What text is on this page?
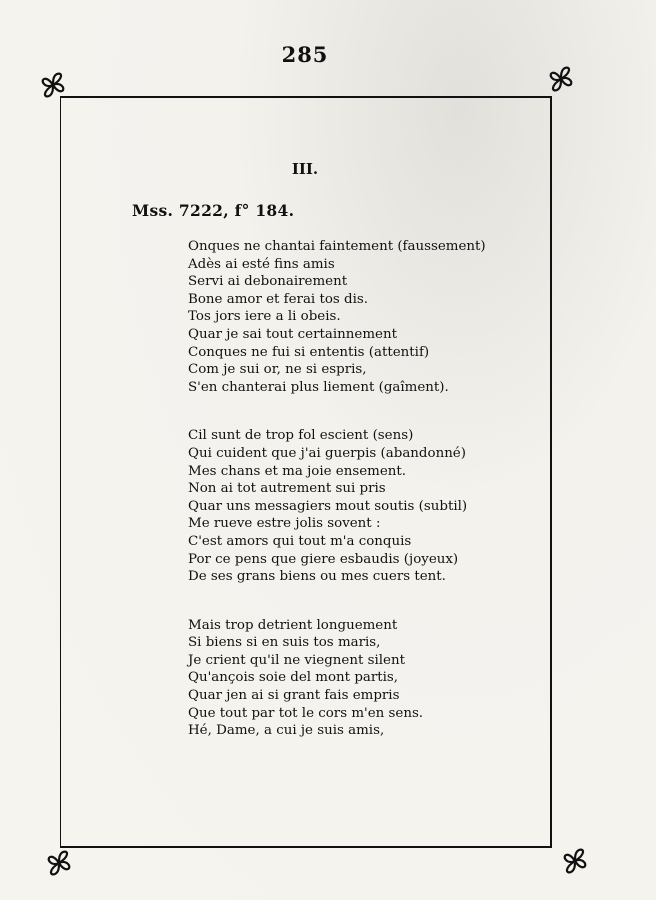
285
III.
Mss. 7222, f° 184.
Onques ne chantai faintement (faussement)
Adès ai esté fins amis
Servi ai debonairement
Bone amor et ferai tos dis.
Tos jors iere a li obeis.
Quar je sai tout certainnement
Conques ne fui si ententis (attentif)
Com je sui or, ne si espris,
S'en chanterai plus liement (gaîment).
Cil sunt de trop fol escient (sens)
Qui cuident que j'ai guerpis (abandonné)
Mes chans et ma joie ensement.
Non ai tot autrement sui pris
Quar uns messagiers mout soutis (subtil)
Me rueve estre jolis sovent :
C'est amors qui tout m'a conquis
Por ce pens que giere esbaudis (joyeux)
De ses grans biens ou mes cuers tent.
Mais trop detrient longuement
Si biens si en suis tos maris,
Je crient qu'il ne viegnent silent
Qu'ançois soie del mont partis,
Quar jen ai si grant fais empris
Que tout par tot le cors m'en sens.
Hé, Dame, a cui je suis amis,
